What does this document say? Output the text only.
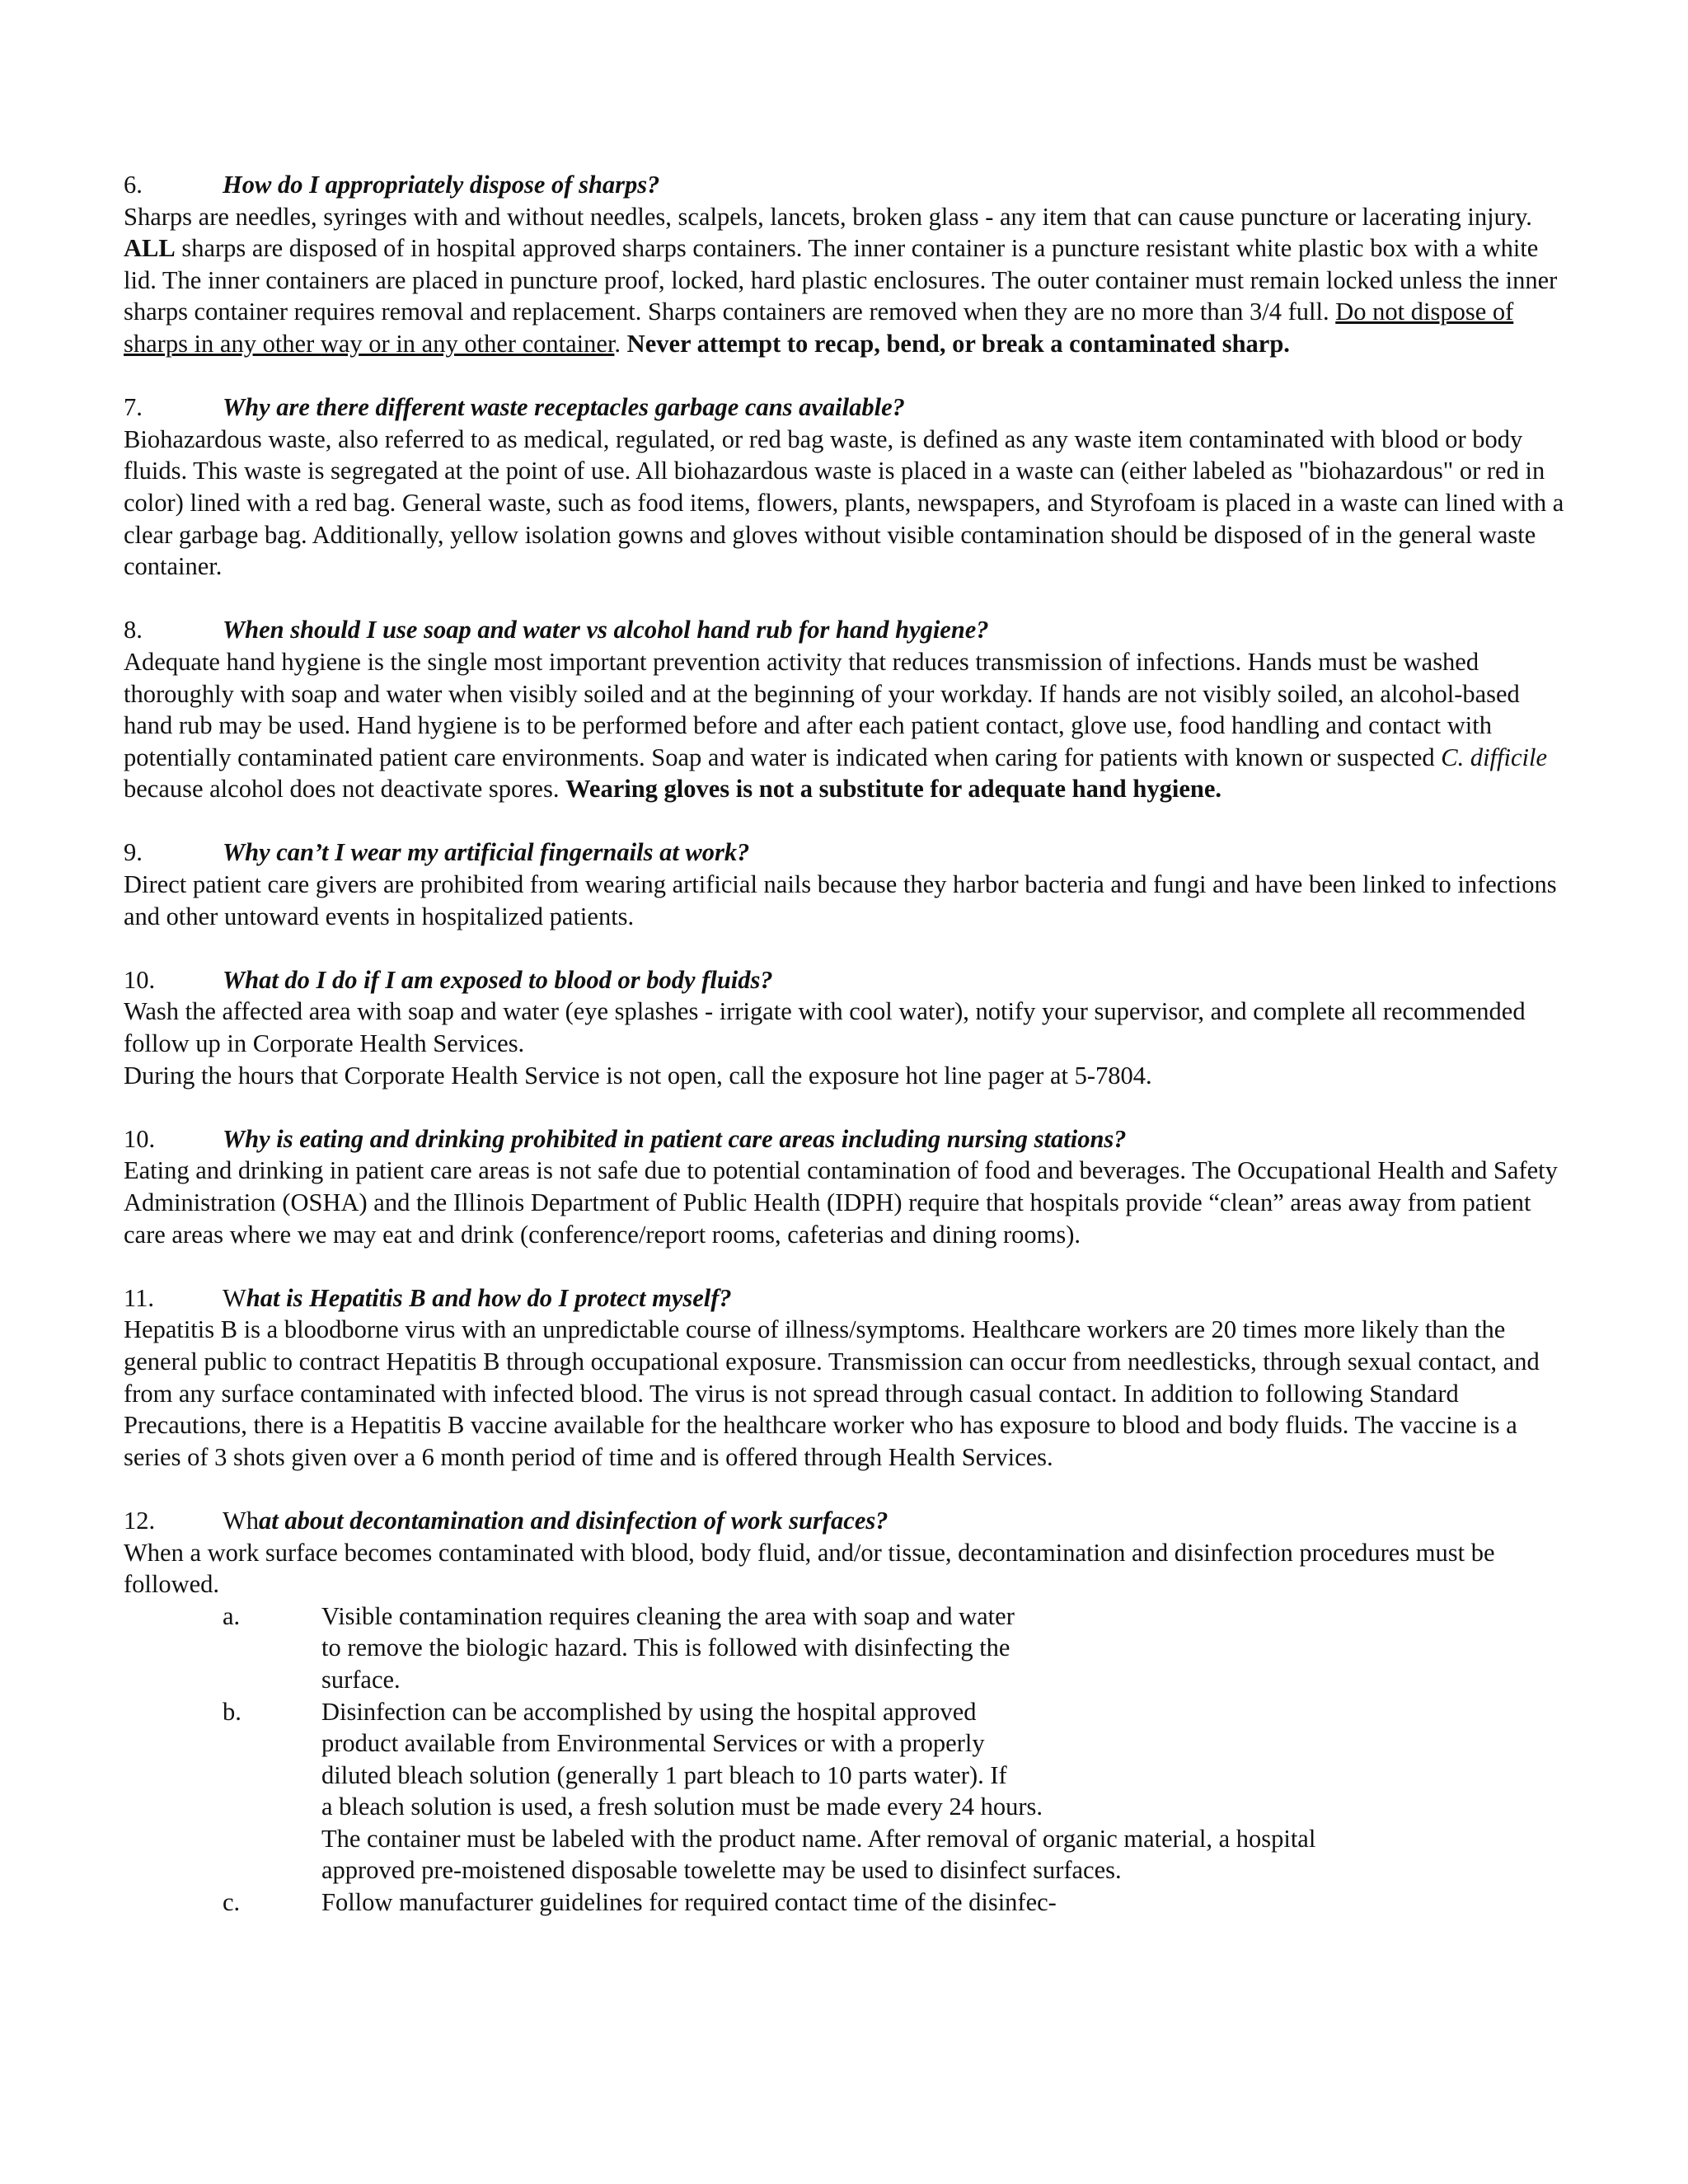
6.	How do I appropriately dispose of sharps?

Sharps are needles, syringes with and without needles, scalpels, lancets, broken glass - any item that can cause puncture or lacerating injury. ALL sharps are disposed of in hospital approved sharps containers. The inner container is a puncture resistant white plastic box with a white lid. The inner containers are placed in puncture proof, locked, hard plastic enclosures. The outer container must remain locked unless the inner sharps container requires removal and replacement. Sharps containers are removed when they are no more than 3/4 full. Do not dispose of sharps in any other way or in any other container. Never attempt to recap, bend, or break a contaminated sharp.

7.	Why are there different waste receptacles garbage cans available?

Biohazardous waste, also referred to as medical, regulated, or red bag waste, is defined as any waste item contaminated with blood or body fluids. This waste is segregated at the point of use. All biohazardous waste is placed in a waste can (either labeled as "biohazardous" or red in color) lined with a red bag. General waste, such as food items, flowers, plants, newspapers, and Styrofoam is placed in a waste can lined with a clear garbage bag. Additionally, yellow isolation gowns and gloves without visible contamination should be disposed of in the general waste container.

8.	When should I use soap and water vs alcohol hand rub for hand hygiene?

Adequate hand hygiene is the single most important prevention activity that reduces transmission of infections. Hands must be washed thoroughly with soap and water when visibly soiled and at the beginning of your workday. If hands are not visibly soiled, an alcohol-based hand rub may be used. Hand hygiene is to be performed before and after each patient contact, glove use, food handling and contact with potentially contaminated patient care environments. Soap and water is indicated when caring for patients with known or suspected C. difficile because alcohol does not deactivate spores. Wearing gloves is not a substitute for adequate hand hygiene.

9.	Why can’t I wear my artificial fingernails at work?

Direct patient care givers are prohibited from wearing artificial nails because they harbor bacteria and fungi and have been linked to infections and other untoward events in hospitalized patients.

10.	What do I do if I am exposed to blood or body fluids?

Wash the affected area with soap and water (eye splashes - irrigate with cool water), notify your supervisor, and complete all recommended follow up in Corporate Health Services.

During the hours that Corporate Health Service is not open, call the exposure hot line pager at 5-7804.

10.	Why is eating and drinking prohibited in patient care areas including nursing stations?

Eating and drinking in patient care areas is not safe due to potential contamination of food and beverages. The Occupational Health and Safety Administration (OSHA) and the Illinois Department of Public Health (IDPH) require that hospitals provide “clean” areas away from patient care areas where we may eat and drink (conference/report rooms, cafeterias and dining rooms).

11.	What is Hepatitis B and how do I protect myself?

Hepatitis B is a bloodborne virus with an unpredictable course of illness/symptoms. Healthcare workers are 20 times more likely than the general public to contract Hepatitis B through occupational exposure. Transmission can occur from needlesticks, through sexual contact, and from any surface contaminated with infected blood. The virus is not spread through casual contact. In addition to following Standard Precautions, there is a Hepatitis B vaccine available for the healthcare worker who has exposure to blood and body fluids. The vaccine is a series of 3 shots given over a 6 month period of time and is offered through Health Services.

12.	What about decontamination and disinfection of work surfaces?

When a work surface becomes contaminated with blood, body fluid, and/or tissue, decontamination and disinfection procedures must be followed.

a.	Visible contamination requires cleaning the area with soap and water
to remove the biologic hazard. This is followed with disinfecting the
surface.
b.	Disinfection can be accomplished by using the hospital approved
product available from Environmental Services or with a properly
diluted bleach solution (generally 1 part bleach to 10 parts water). If
a bleach solution is used, a fresh solution must be made every 24 hours.
The container must be labeled with the product name. After removal of organic material, a hospital
approved pre-moistened disposable towelette may be used to disinfect surfaces.
c.	Follow manufacturer guidelines for required contact time of the disinfec-
